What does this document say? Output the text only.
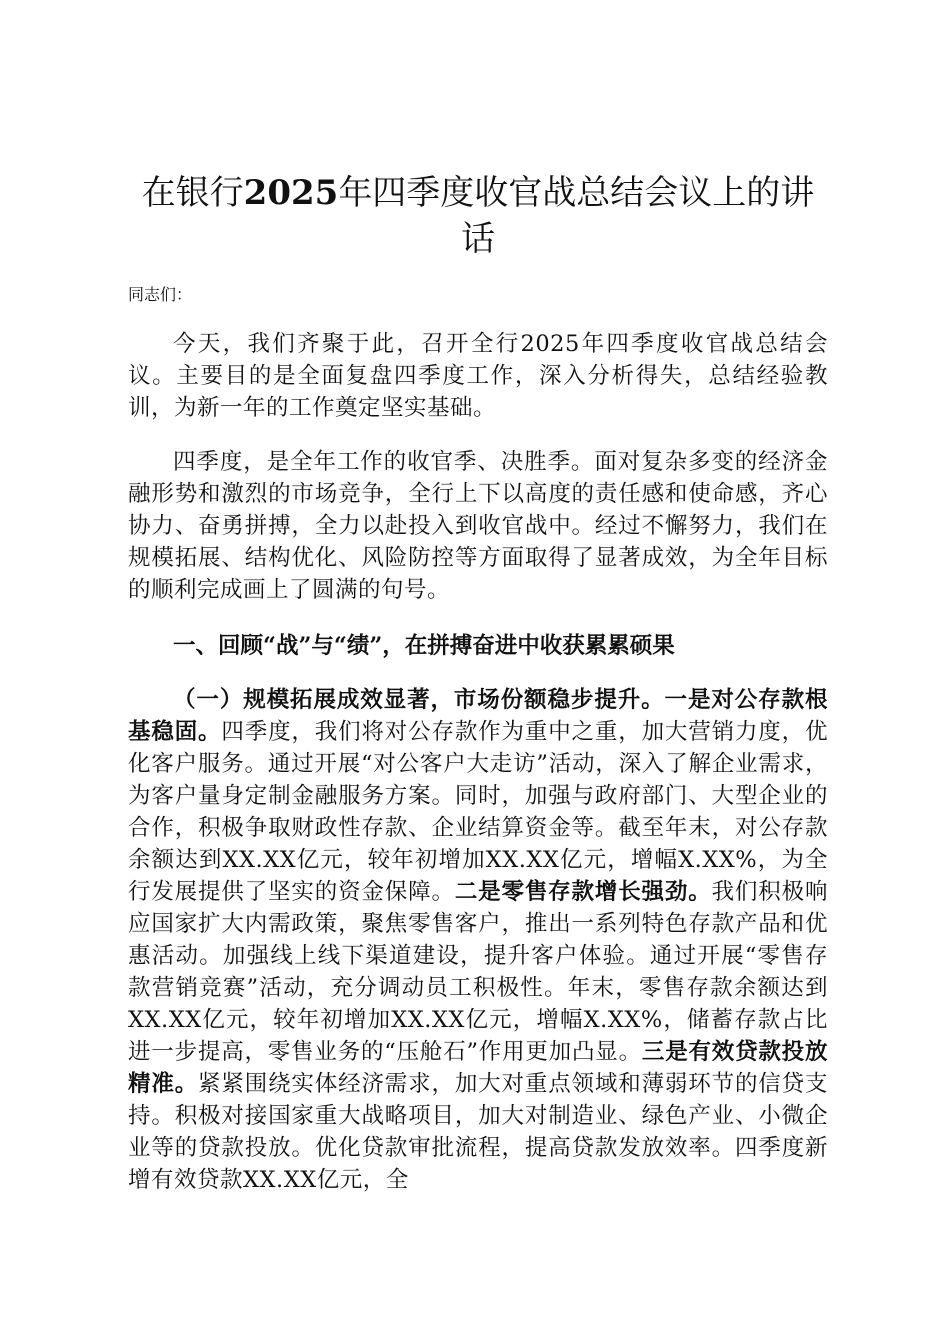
在银行2025年四季度收官战总结会议上的讲话

同志们：

今天，我们齐聚于此，召开全行2025年四季度收官战总结会议。主要目的是全面复盘四季度工作，深入分析得失，总结经验教训，为新一年的工作奠定坚实基础。

四季度，是全年工作的收官季、决胜季。面对复杂多变的经济金融形势和激烈的市场竞争，全行上下以高度的责任感和使命感，齐心协力、奋勇拼搏，全力以赴投入到收官战中。经过不懈努力，我们在规模拓展、结构优化、风险防控等方面取得了显著成效，为全年目标的顺利完成画上了圆满的句号。

一、回顾“战”与“绩”，在拼搏奋进中收获累累硕果

（一）规模拓展成效显著，市场份额稳步提升。一是对公存款根基稳固。四季度，我们将对公存款作为重中之重，加大营销力度，优化客户服务。通过开展“对公客户大走访”活动，深入了解企业需求，为客户量身定制金融服务方案。同时，加强与政府部门、大型企业的合作，积极争取财政性存款、企业结算资金等。截至年末，对公存款余额达到XX.XX亿元，较年初增加XX.XX亿元，增幅X.XX%，为全行发展提供了坚实的资金保障。二是零售存款增长强劲。我们积极响应国家扩大内需政策，聚焦零售客户，推出一系列特色存款产品和优惠活动。加强线上线下渠道建设，提升客户体验。通过开展“零售存款营销竞赛”活动，充分调动员工积极性。年末，零售存款余额达到XX.XX亿元，较年初增加XX.XX亿元，增幅X.XX%，储蓄存款占比进一步提高，零售业务的“压舱石”作用更加凸显。三是有效贷款投放精准。紧紧围绕实体经济需求，加大对重点领域和薄弱环节的信贷支持。积极对接国家重大战略项目，加大对制造业、绿色产业、小微企业等的贷款投放。优化贷款审批流程，提高贷款发放效率。四季度新增有效贷款XX.XX亿元，全
